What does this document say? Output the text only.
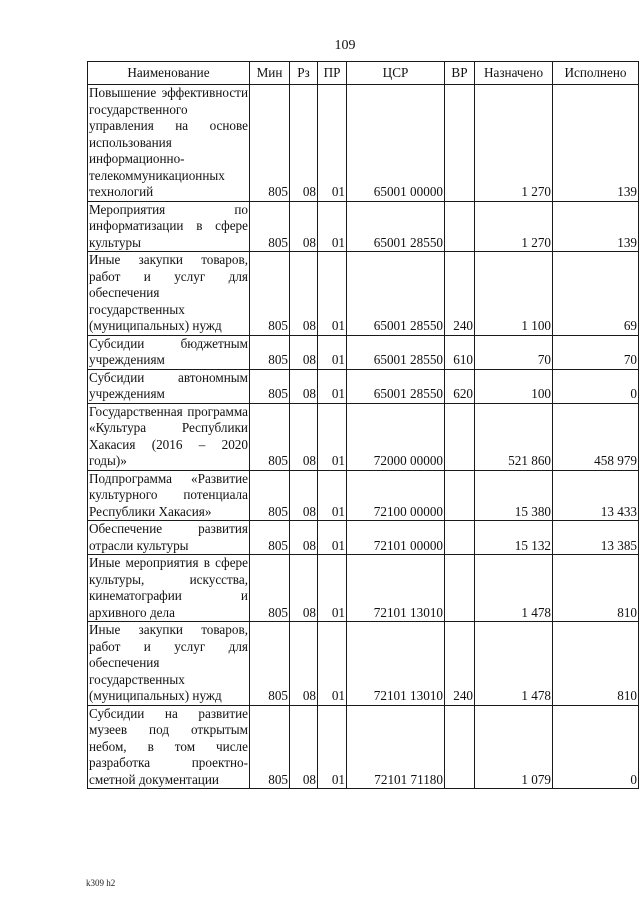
109
Наименование	Мин	Рз	ПР	ЦСР	ВР	Назначено	Исполнено
Повышение эффективности государственного управления на основе использования информационно-телекоммуникационных технологий	805	08	01	65001 00000		1 270	139
Мероприятия по информатизации в сфере культуры	805	08	01	65001 28550		1 270	139
Иные закупки товаров, работ и услуг для обеспечения государственных (муниципальных) нужд	805	08	01	65001 28550	240	1 100	69
Субсидии бюджетным учреждениям	805	08	01	65001 28550	610	70	70
Субсидии автономным учреждениям	805	08	01	65001 28550	620	100	0
Государственная программа «Культура Республики Хакасия (2016 – 2020 годы)»	805	08	01	72000 00000		521 860	458 979
Подпрограмма «Развитие культурного потенциала Республики Хакасия»	805	08	01	72100 00000		15 380	13 433
Обеспечение развития отрасли культуры	805	08	01	72101 00000		15 132	13 385
Иные мероприятия в сфере культуры, искусства, кинематографии и архивного дела	805	08	01	72101 13010		1 478	810
Иные закупки товаров, работ и услуг для обеспечения государственных (муниципальных) нужд	805	08	01	72101 13010	240	1 478	810
Субсидии на развитие музеев под открытым небом, в том числе разработка проектно-сметной документации	805	08	01	72101 71180		1 079	0
k309 h2
